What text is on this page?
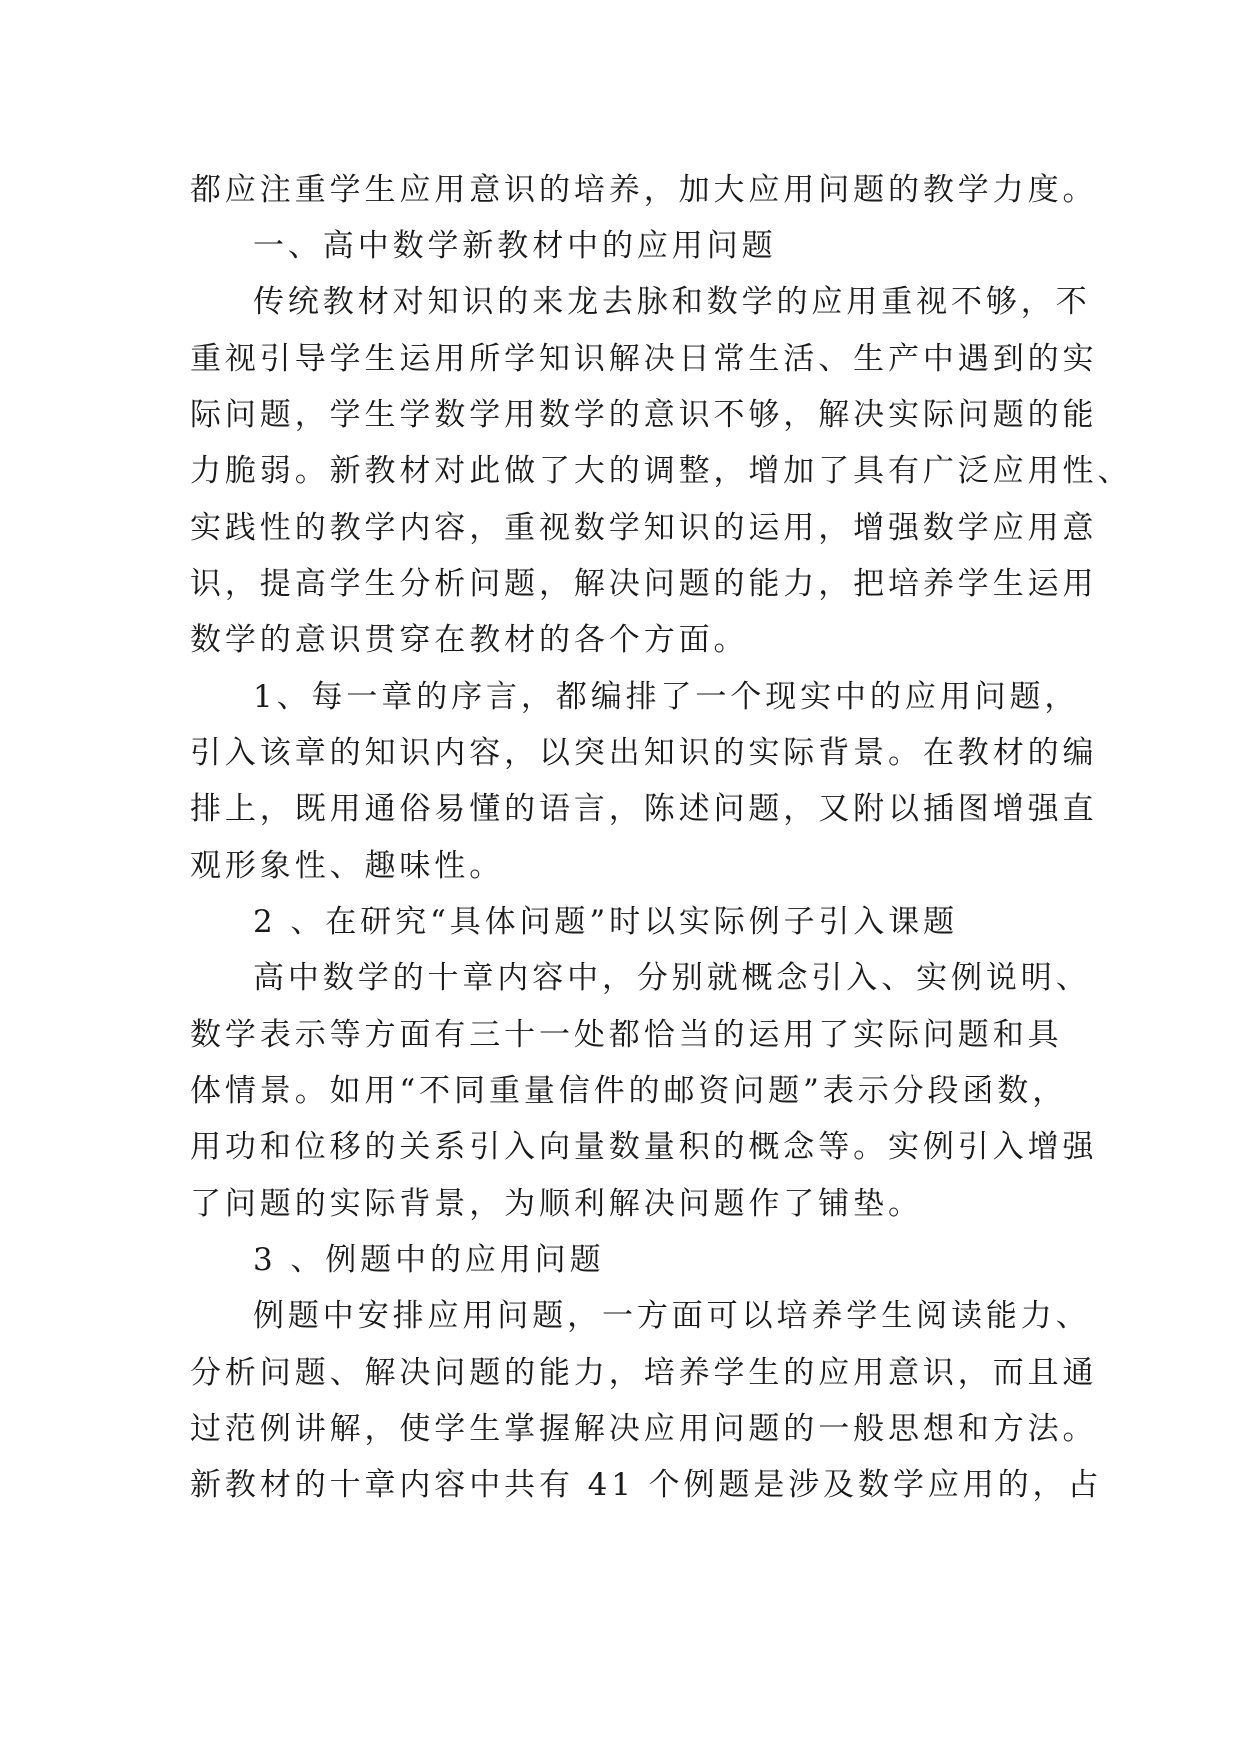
都应注重学生应用意识的培养，加大应用问题的教学力度。
一、高中数学新教材中的应用问题
传统教材对知识的来龙去脉和数学的应用重视不够，不
重视引导学生运用所学知识解决日常生活、生产中遇到的实
际问题，学生学数学用数学的意识不够，解决实际问题的能
力脆弱。新教材对此做了大的调整，增加了具有广泛应用性、
实践性的教学内容，重视数学知识的运用，增强数学应用意
识，提高学生分析问题，解决问题的能力，把培养学生运用
数学的意识贯穿在教材的各个方面。
1、每一章的序言，都编排了一个现实中的应用问题，
引入该章的知识内容，以突出知识的实际背景。在教材的编
排上，既用通俗易懂的语言，陈述问题，又附以插图增强直
观形象性、趣味性。
2 、在研究“具体问题”时以实际例子引入课题
高中数学的十章内容中，分别就概念引入、实例说明、
数学表示等方面有三十一处都恰当的运用了实际问题和具
体情景。如用“不同重量信件的邮资问题”表示分段函数，
用功和位移的关系引入向量数量积的概念等。实例引入增强
了问题的实际背景，为顺利解决问题作了铺垫。
3 、例题中的应用问题
例题中安排应用问题，一方面可以培养学生阅读能力、
分析问题、解决问题的能力，培养学生的应用意识，而且通
过范例讲解，使学生掌握解决应用问题的一般思想和方法。
新教材的十章内容中共有 41 个例题是涉及数学应用的，占
